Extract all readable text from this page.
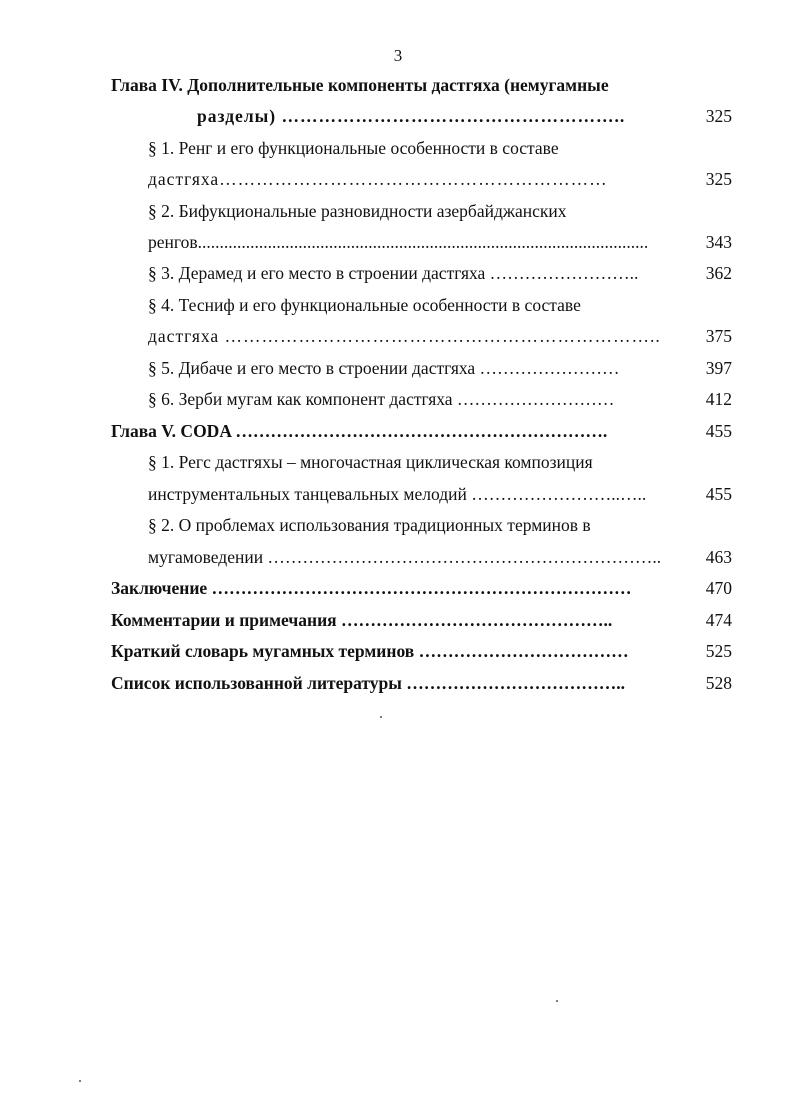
3
Глава IV. Дополнительные компоненты дастгяха (немугамные
разделы) ………………………………………………..	325
§ 1. Ренг и его функциональные особенности в составе
дастгяха………………………………………………………	325
§ 2. Бифукциональные разновидности азербайджанских
ренгов.......................................................................................................	343
§ 3. Дерамед и его место в строении дастгяха ……………………..	362
§ 4. Тесниф и его функциональные особенности в составе
дастгяха ……………………………………………………………..	375
§ 5. Дибаче и его место в строении дастгяха ……………………	397
§ 6. Зерби мугам как компонент дастгяха ………………………	412
Глава V. CODA ……………………………………………………….	455
§ 1. Регс дастгяхы – многочастная циклическая композиция
инструментальных танцевальных мелодий ……………………..…..	455
§ 2. О проблемах использования традиционных терминов в
мугамоведении …………………………………………………………..	463
Заключение ………………………………………………………………	470
Комментарии и примечания ………………………………………..	474
Краткий словарь мугамных терминов ………………………………	525
Список использованной литературы ………………………………..	528
